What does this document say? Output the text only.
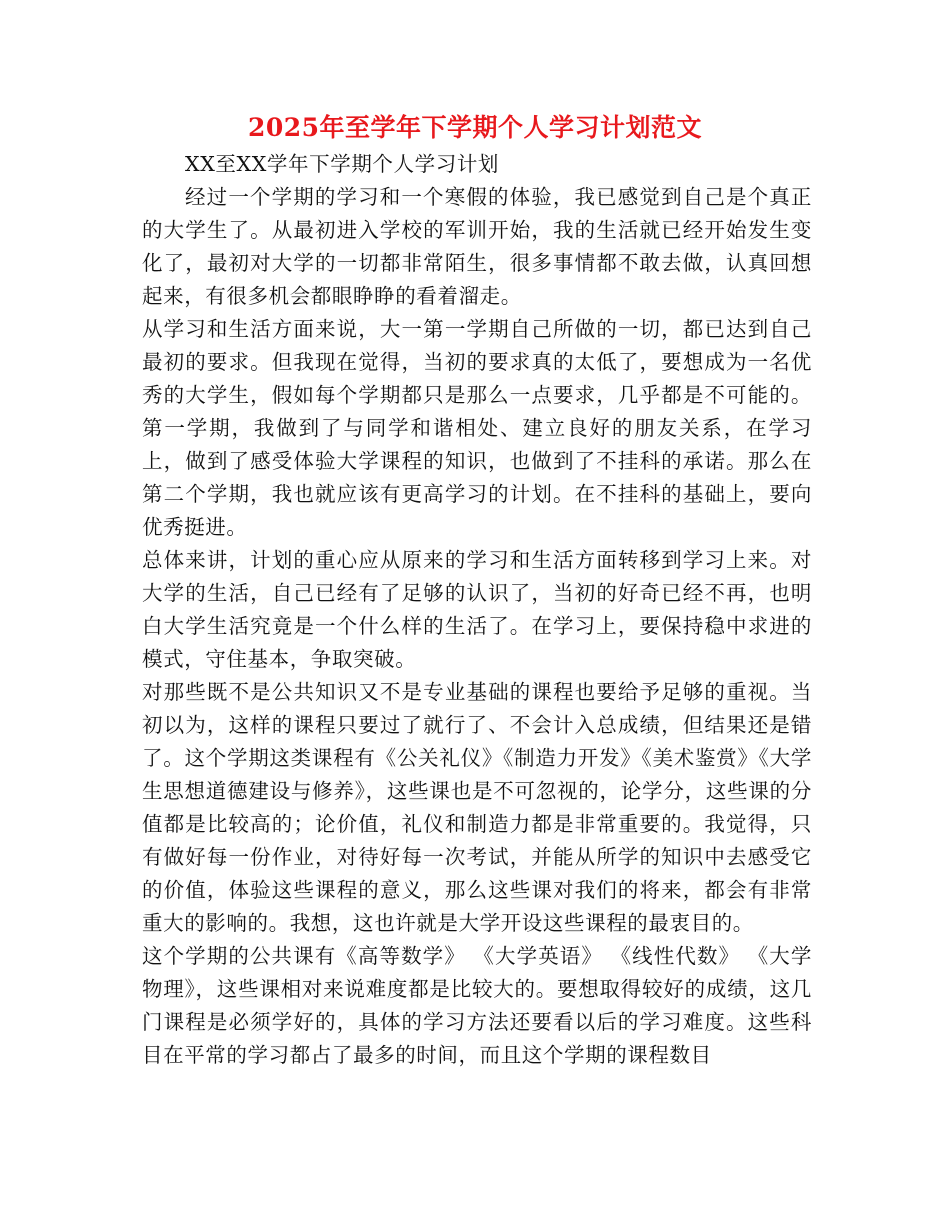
2025年至学年下学期个人学习计划范文

XX至XX学年下学期个人学习计划

经过一个学期的学习和一个寒假的体验，我已感觉到自己是个真正的大学生了。从最初进入学校的军训开始，我的生活就已经开始发生变化了，最初对大学的一切都非常陌生，很多事情都不敢去做，认真回想起来，有很多机会都眼睁睁的看着溜走。

从学习和生活方面来说，大一第一学期自己所做的一切，都已达到自己最初的要求。但我现在觉得，当初的要求真的太低了，要想成为一名优秀的大学生，假如每个学期都只是那么一点要求，几乎都是不可能的。第一学期，我做到了与同学和谐相处、建立良好的朋友关系，在学习上，做到了感受体验大学课程的知识，也做到了不挂科的承诺。那么在第二个学期，我也就应该有更高学习的计划。在不挂科的基础上，要向优秀挺进。

总体来讲，计划的重心应从原来的学习和生活方面转移到学习上来。对大学的生活，自己已经有了足够的认识了，当初的好奇已经不再，也明白大学生活究竟是一个什么样的生活了。在学习上，要保持稳中求进的模式，守住基本，争取突破。

对那些既不是公共知识又不是专业基础的课程也要给予足够的重视。当初以为，这样的课程只要过了就行了、不会计入总成绩，但结果还是错了。这个学期这类课程有《公关礼仪》《制造力开发》《美术鉴赏》《大学生思想道德建设与修养》，这些课也是不可忽视的，论学分，这些课的分值都是比较高的；论价值，礼仪和制造力都是非常重要的。我觉得，只有做好每一份作业，对待好每一次考试，并能从所学的知识中去感受它的价值，体验这些课程的意义，那么这些课对我们的将来，都会有非常重大的影响的。我想，这也许就是大学开设这些课程的最衷目的。

这个学期的公共课有《高等数学》 《大学英语》 《线性代数》 《大学物理》，这些课相对来说难度都是比较大的。要想取得较好的成绩，这几门课程是必须学好的，具体的学习方法还要看以后的学习难度。这些科目在平常的学习都占了最多的时间，而且这个学期的课程数目
